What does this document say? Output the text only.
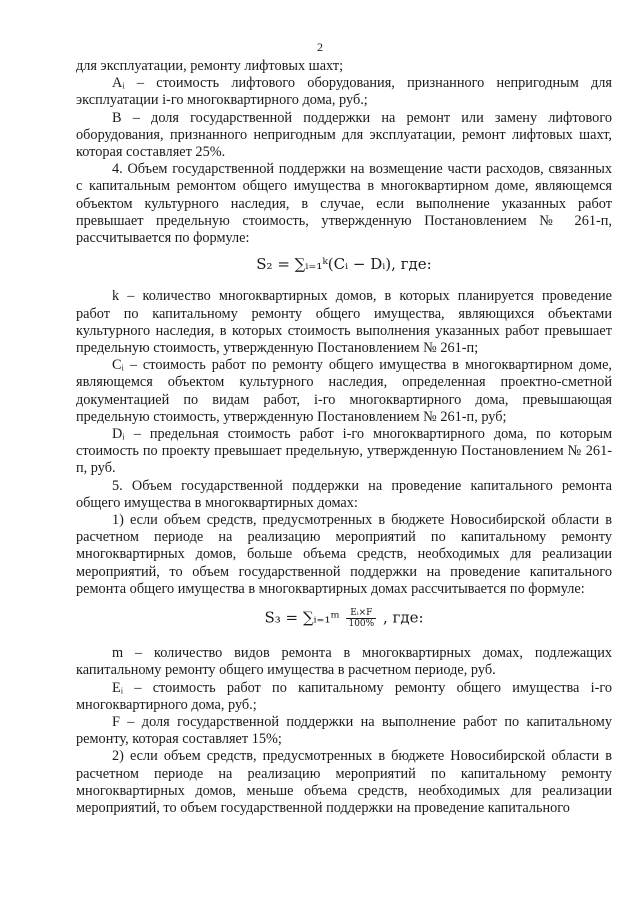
2

для эксплуатации, ремонту лифтовых шахт;

Aᵢ – стоимость лифтового оборудования, признанного непригодным для эксплуатации i-го многоквартирного дома, руб.;

B – доля государственной поддержки на ремонт или замену лифтового оборудования, признанного непригодным для эксплуатации, ремонт лифтовых шахт, которая составляет 25%.

4. Объем государственной поддержки на возмещение части расходов, связанных с капитальным ремонтом общего имущества в многоквартирном доме, являющемся объектом культурного наследия, в случае, если выполнение указанных работ превышает предельную стоимость, утвержденную Постановлением № 261-п, рассчитывается по формуле:

S₂ = ∑ᵢ₌₁ᵏ(Cᵢ − Dᵢ), где:

k – количество многоквартирных домов, в которых планируется проведение работ по капитальному ремонту общего имущества, являющихся объектами культурного наследия, в которых стоимость выполнения указанных работ превышает предельную стоимость, утвержденную Постановлением № 261-п;

Cᵢ – стоимость работ по ремонту общего имущества в многоквартирном доме, являющемся объектом культурного наследия, определенная проектно-сметной документацией по видам работ, i-го многоквартирного дома, превышающая предельную стоимость, утвержденную Постановлением № 261-п, руб;

Dᵢ – предельная стоимость работ i-го многоквартирного дома, по которым стоимость по проекту превышает предельную, утвержденную Постановлением № 261-п, руб.

5. Объем государственной поддержки на проведение капитального ремонта общего имущества в многоквартирных домах:

1) если объем средств, предусмотренных в бюджете Новосибирской области в расчетном периоде на реализацию мероприятий по капитальному ремонту многоквартирных домов, больше объема средств, необходимых для реализации мероприятий, то объем государственной поддержки на проведение капитального ремонта общего имущества в многоквартирных домах рассчитывается по формуле:

S₃ = ∑ᵢ₌₁ᵐ $\frac{\text{Eᵢ×F}}{100\%}$ , где:

m – количество видов ремонта в многоквартирных домах, подлежащих капитальному ремонту общего имущества в расчетном периоде, руб.

Eᵢ – стоимость работ по капитальному ремонту общего имущества i-го многоквартирного дома, руб.;

F – доля государственной поддержки на выполнение работ по капитальному ремонту, которая составляет 15%;

2) если объем средств, предусмотренных в бюджете Новосибирской области в расчетном периоде на реализацию мероприятий по капитальному ремонту многоквартирных домов, меньше объема средств, необходимых для реализации мероприятий, то объем государственной поддержки на проведение капитального
